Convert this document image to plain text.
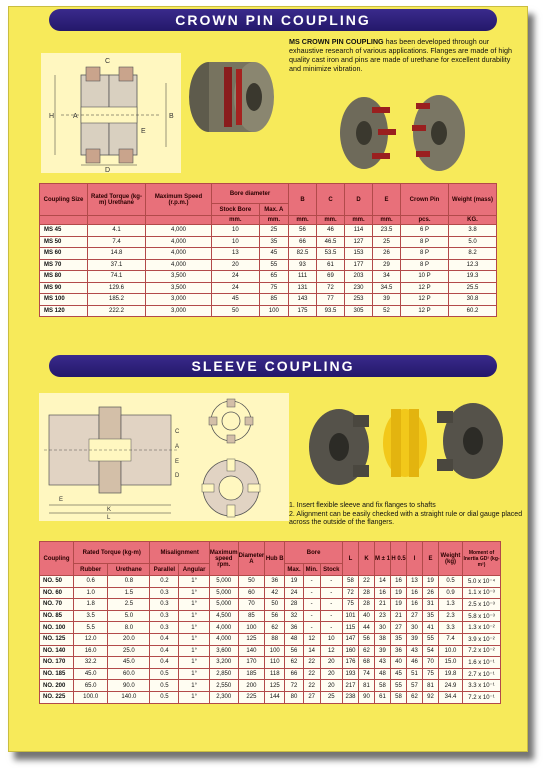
CROWN PIN COUPLING
H	A	B
C
D
E
MS CROWN PIN COUPLING has been developed through our exhaustive research of various applications. Flanges are made of high quality cast iron and pins are made of urethane for excellent durability and minimize vibration.
Coupling Size	Rated Torque (kg-m) Urethane	Maximum Speed (r.p.m.)	Bore diameter		B	C	D	E	Crown Pin	Weight (mass)
			Stock Bore	Max. A						
			mm.	mm.	mm.	mm.	mm.	mm.	pcs.	KG.
MS 45	4.1	4,000	10	25	56	46	114	23.5	6 P	3.8
MS 50	7.4	4,000	10	35	66	46.5	127	25	8 P	5.0
MS 60	14.8	4,000	13	45	82.5	53.5	153	26	8 P	8.2
MS 70	37.1	4,000	20	55	93	61	177	29	8 P	12.3
MS 80	74.1	3,500	24	65	111	69	203	34	10 P	19.3
MS 90	129.6	3,500	24	75	131	72	230	34.5	12 P	25.5
MS 100	185.2	3,000	45	85	143	77	253	39	12 P	30.8
MS 120	222.2	3,000	50	100	175	93.5	305	52	12 P	60.2
SLEEVE COUPLING
C
A
E
D
E
L
K
1. Insert flexible sleeve and fix flanges to shafts
2. Alignment can be easily checked with a straight rule or dial gauge placed across the outside of the flangers.
Coupling	Rated Torque (kg-m)		Misalignment		Maximum speed rpm.	Diameter A	Hub B	Bore			L	K	M ± 1	H 0.5	I	E	Weight (kg)	Moment of Inertia GD² (kg-m²)
	Rubber	Urethane	Parallel	Angular				Max.	Min.	Stock								
NO. 50	0.6	0.8	0.2	1°	5,000	50	36	19	-	-	58	22	14	16	13	19	0.5	5.0 x 10⁻⁴
NO. 60	1.0	1.5	0.3	1°	5,000	60	42	24	-	-	72	28	16	19	16	26	0.9	1.1 x 10⁻³
NO. 70	1.8	2.5	0.3	1°	5,000	70	50	28	-	-	75	28	21	19	16	31	1.3	2.5 x 10⁻³
NO. 85	3.5	5.0	0.3	1°	4,500	85	56	32	-	-	101	40	23	21	27	35	2.3	5.8 x 10⁻³
NO. 100	5.5	8.0	0.3	1°	4,000	100	62	36	-	-	115	44	30	27	30	41	3.3	1.3 x 10⁻²
NO. 125	12.0	20.0	0.4	1°	4,000	125	88	48	12	10	147	56	38	35	39	55	7.4	3.9 x 10⁻²
NO. 140	16.0	25.0	0.4	1°	3,600	140	100	56	14	12	160	62	39	36	43	54	10.0	7.2 x 10⁻²
NO. 170	32.2	45.0	0.4	1°	3,200	170	110	62	22	20	176	68	43	40	46	70	15.0	1.6 x 10⁻¹
NO. 185	45.0	60.0	0.5	1°	2,850	185	118	66	22	20	193	74	48	45	51	75	19.8	2.7 x 10⁻¹
NO. 200	65.0	90.0	0.5	1°	2,550	200	125	72	22	20	217	81	58	55	57	81	24.9	3.3 x 10⁻¹
NO. 225	100.0	140.0	0.5	1°	2,300	225	144	80	27	25	238	90	61	58	62	92	34.4	7.2 x 10⁻¹
